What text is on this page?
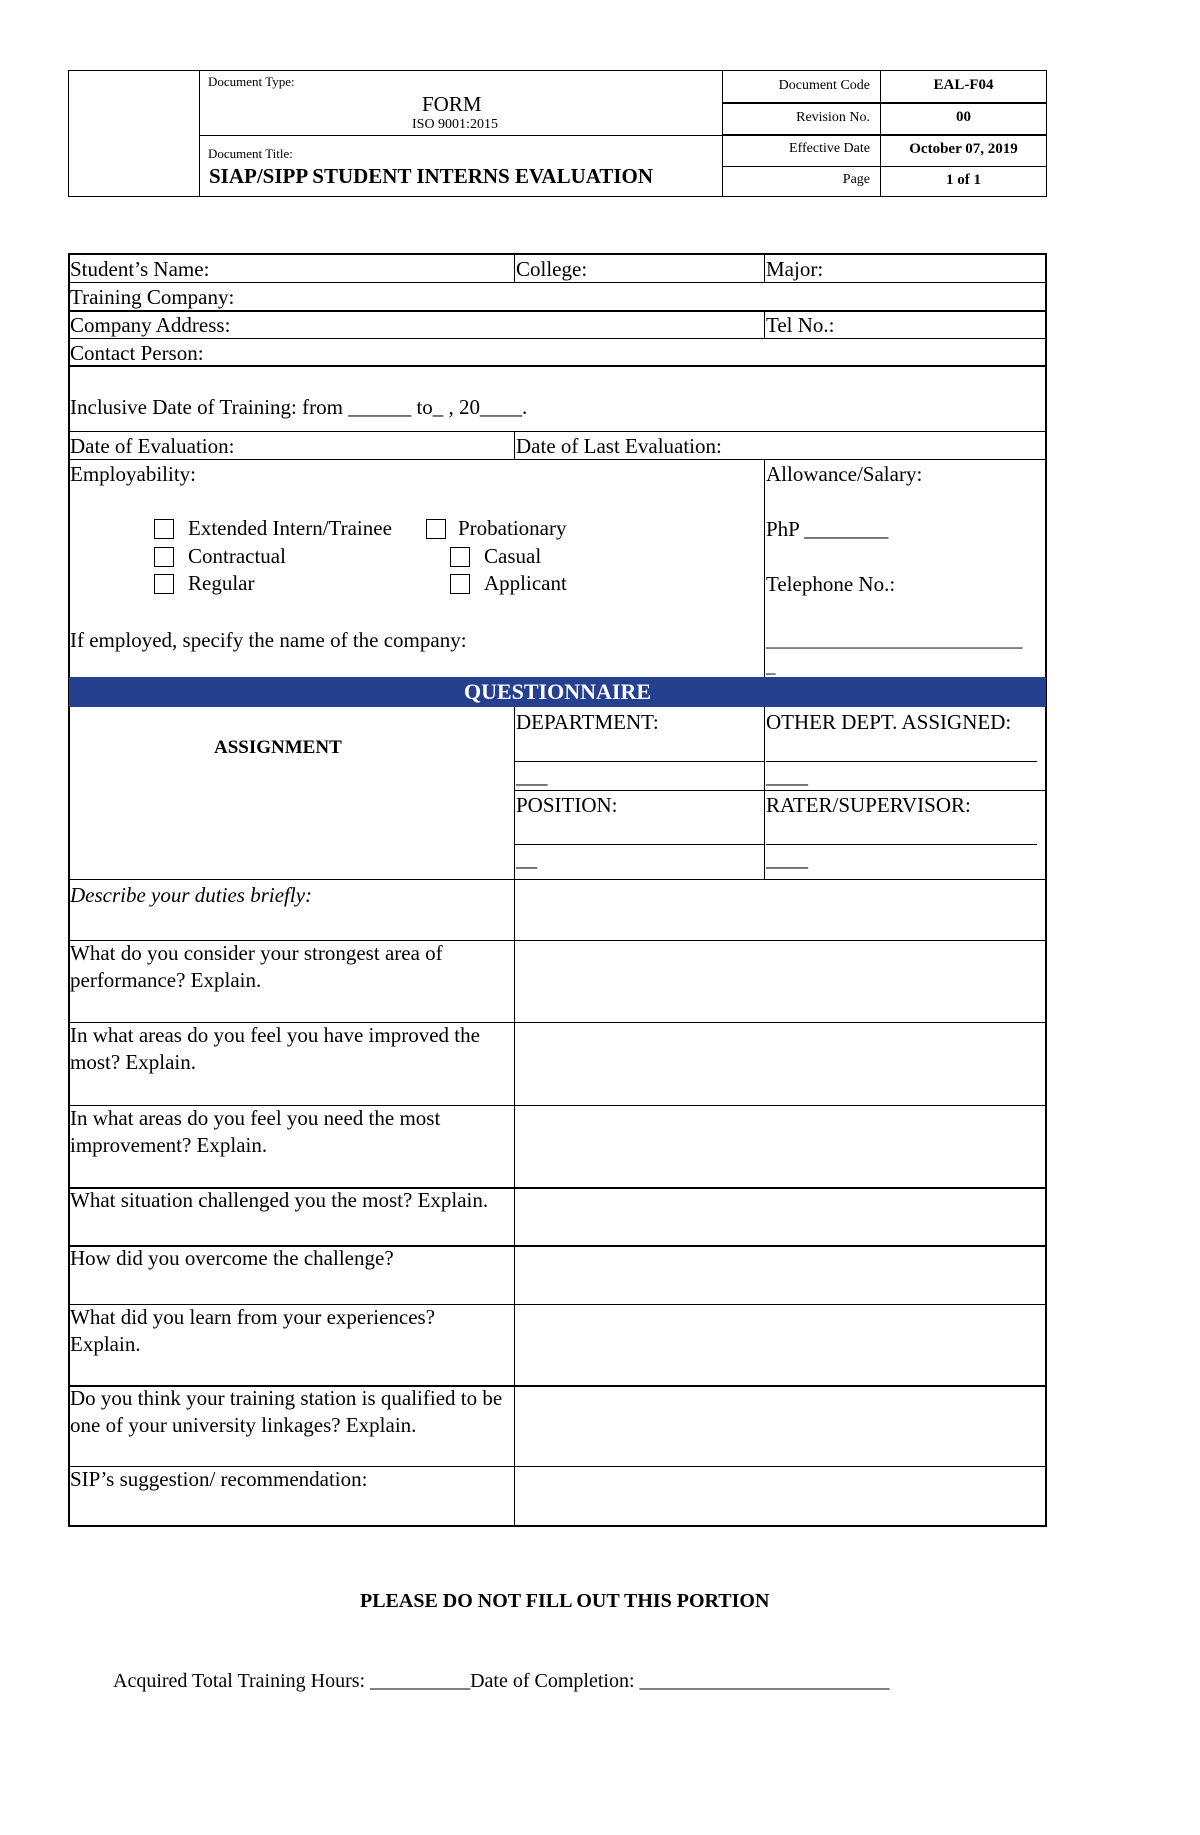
Document Type:
FORM
ISO 9001:2015
Document Title:
SIAP/SIPP STUDENT INTERNS EVALUATION
Document Code	EAL-F04
Revision No.	00
Effective Date	October 07, 2019
Page	1 of 1
Student’s Name:	College:	Major:
Training Company:
Company Address:	Tel No.:
Contact Person:
Inclusive Date of Training: from ______ to_ , 20____.
Date of Evaluation:	Date of Last Evaluation:
Employability:	Allowance/Salary:
PhP ________
Telephone No.:
If employed, specify the name of the company:	___________________________
_
Extended Intern/Trainee	Probationary
Contractual	Casual
Regular	Applicant
QUESTIONNAIRE
ASSIGNMENT
DEPARTMENT:	OTHER DEPT. ASSIGNED:
___	____
POSITION:	RATER/SUPERVISOR:
__	____
Describe your duties briefly:
What do you consider your strongest area of performance? Explain.
In what areas do you feel you have improved the most? Explain.
In what areas do you feel you need the most improvement? Explain.
What situation challenged you the most? Explain.
How did you overcome the challenge?
What did you learn from your experiences? Explain.
Do you think your training station is qualified to be one of your university linkages? Explain.
SIP’s suggestion/ recommendation:
PLEASE DO NOT FILL OUT THIS PORTION
Acquired Total Training Hours: __________Date of Completion: _________________________
